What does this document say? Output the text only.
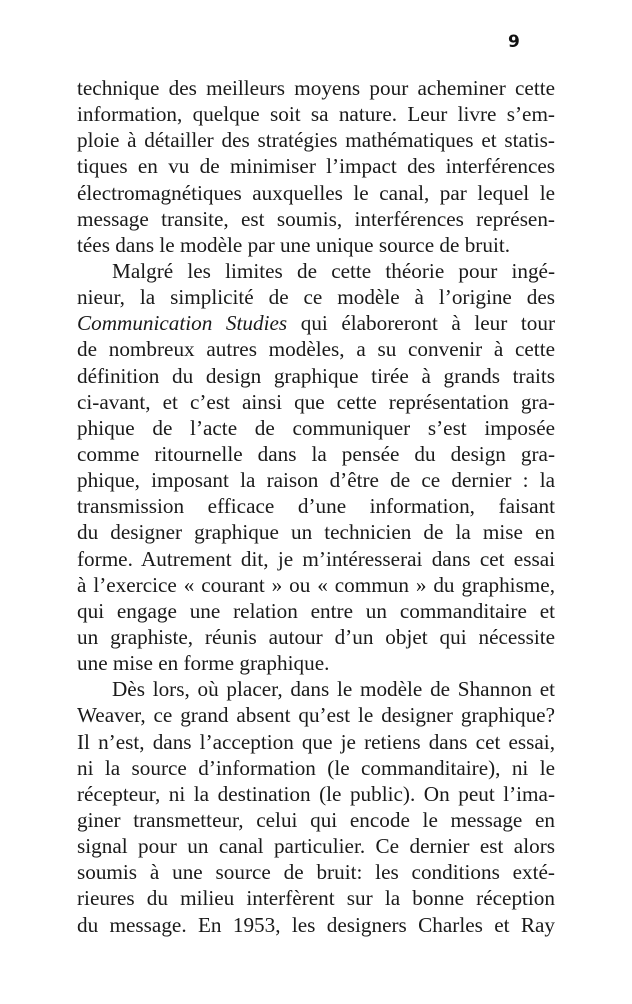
9
technique des meilleurs moyens pour acheminer cette
information, quelque soit sa nature. Leur livre s’em-
ploie à détailler des stratégies mathématiques et statis-
tiques en vu de minimiser l’impact des interférences
électromagnétiques auxquelles le canal, par lequel le
message transite, est soumis, interférences représen-
tées dans le modèle par une unique source de bruit.
Malgré les limites de cette théorie pour ingé-
nieur, la simplicité de ce modèle à l’origine des
Communication Studies qui élaboreront à leur tour
de nombreux autres modèles, a su convenir à cette
définition du design graphique tirée à grands traits
ci-avant, et c’est ainsi que cette représentation gra-
phique de l’acte de communiquer s’est imposée
comme ritournelle dans la pensée du design gra-
phique, imposant la raison d’être de ce dernier : la
transmission efficace d’une information, faisant
du designer graphique un technicien de la mise en
forme. Autrement dit, je m’intéresserai dans cet essai
à l’exercice « courant » ou « commun » du graphisme,
qui engage une relation entre un commanditaire et
un graphiste, réunis autour d’un objet qui nécessite
une mise en forme graphique.
Dès lors, où placer, dans le modèle de Shannon et
Weaver, ce grand absent qu’est le designer graphique?
Il n’est, dans l’acception que je retiens dans cet essai,
ni la source d’information (le commanditaire), ni le
récepteur, ni la destination (le public). On peut l’ima-
giner transmetteur, celui qui encode le message en
signal pour un canal particulier. Ce dernier est alors
soumis à une source de bruit: les conditions exté-
rieures du milieu interfèrent sur la bonne réception
du message. En 1953, les designers Charles et Ray
